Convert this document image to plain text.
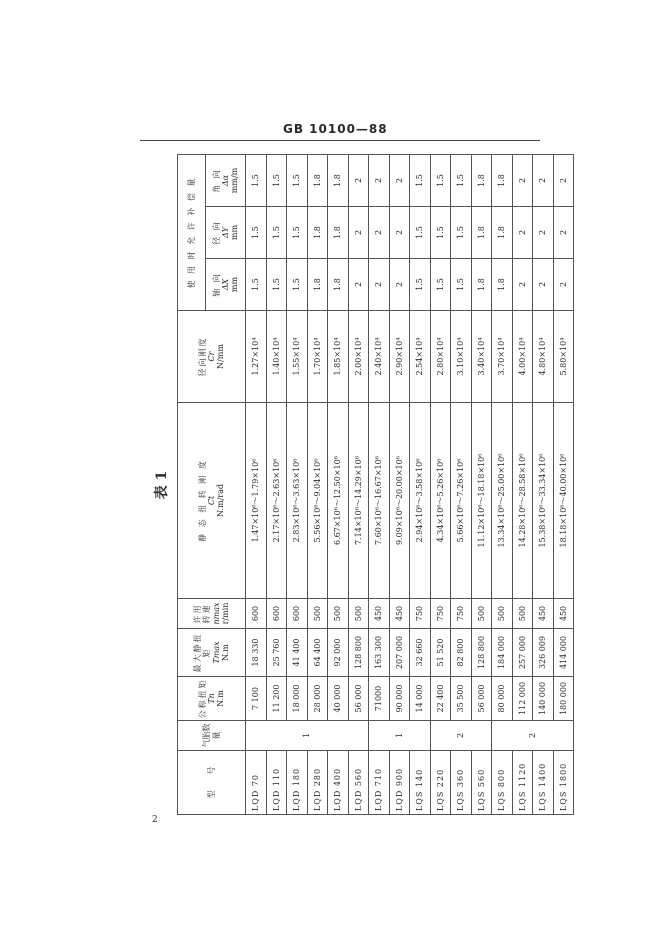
GB 10100—88
表 1
型　　号	气胎数量	公称扭矩 Tn N.m	最大静扭矩 Tmax N.m	许用转速 nmax r/min	静 态 扭 转 刚 度 Ct N.m/rad	径向刚度 Cr N/mm	使 用 时 允 许 补 偿 量		

							轴 向 ΔX mm	径 向 ΔY mm	角 向 Δα mm/m

LQD 70	1	7 100	18 330	600	1.47×10⁶～1.79×10⁶	1.27×10⁴	1.5	1.5	1.5
LQD 110		11 200	25 760	600	2.17×10⁶～2.63×10⁶	1.40×10⁴	1.5	1.5	1.5
LQD 180		18 000	41 400	600	2.83×10⁶～3.63×10⁶	1.55×10⁴	1.5	1.5	1.5
LQD 280		28 000	64 400	500	5.56×10⁶～9.04×10⁶	1.70×10⁴	1.8	1.8	1.8
LQD 400		40 000	92 000	500	6.67×10⁶～12.50×10⁶	1.85×10⁴	1.8	1.8	1.8
LQD 560		56 000	128 800	500	7.14×10⁶～14.29×10⁶	2.00×10⁴	2	2	2
LQD 710	1	71000	163 300	450	7.60×10⁶～16.67×10⁶	2.40×10⁴	2	2	2
LQD 900		90 000	207 000	450	9.09×10⁶～20.00×10⁶	2.90×10⁴	2	2	2
LQS 140		14 000	32 660	750	2.94×10⁶～3.58×10⁶	2.54×10⁴	1.5	1.5	1.5
LQS 220	2	22 400	51 520	750	4.34×10⁶～5.26×10⁶	2.80×10⁴	1.5	1.5	1.5
LQS 360		35 500	82 800	750	5.66×10⁶～7.26×10⁶	3.10×10⁴	1.5	1.5	1.5
LQS 560		56 000	128 800	500	11.12×10⁶～18.18×10⁶	3.40×10⁴	1.8	1.8	1.8
LQS 800	2	80 000	184 000	500	13.34×10⁶～25.00×10⁶	3.70×10⁴	1.8	1.8	1.8
LQS 1120		112 000	257 000	500	14.28×10⁶～28.58×10⁶	4.00×10⁴	2	2	2
LQS 1400		140 000	326 009	450	15.38×10⁶～33.34×10⁶	4.80×10⁴	2	2	2
LQS 1800		180 000	414 000	450	18.18×10⁶～40.00×10⁶	5.80×10⁴	2	2	2
2
